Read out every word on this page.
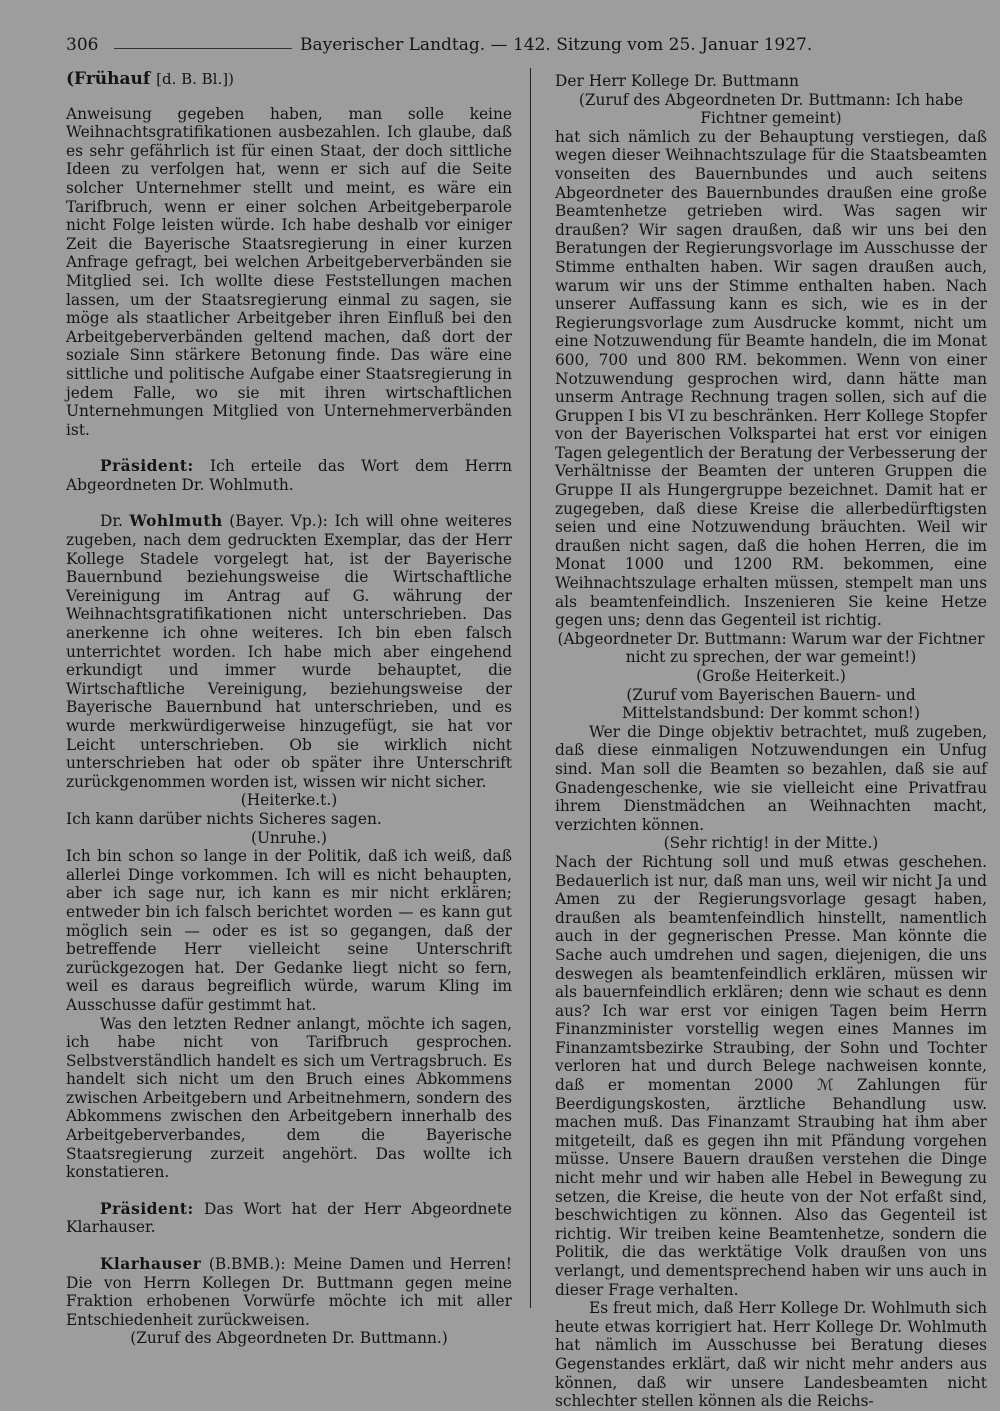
306	Bayerischer Landtag. — 142. Sitzung vom 25. Januar 1927.

(Frühauf [d. B. Bl.])

Anweisung gegeben haben, man solle keine Weihnachtsgratifikationen ausbezahlen. Ich glaube, daß es sehr gefährlich ist für einen Staat, der doch sittliche Ideen zu verfolgen hat, wenn er sich auf die Seite solcher Unternehmer stellt und meint, es wäre ein Tarifbruch, wenn er einer solchen Arbeitgeberparole nicht Folge leisten würde. Ich habe deshalb vor einiger Zeit die Bayerische Staatsregierung in einer kurzen Anfrage gefragt, bei welchen Arbeitgeberverbänden sie Mitglied sei. Ich wollte diese Feststellungen machen lassen, um der Staatsregierung einmal zu sagen, sie möge als staatlicher Arbeitgeber ihren Einfluß bei den Arbeitgeberverbänden geltend machen, daß dort der soziale Sinn stärkere Betonung finde. Das wäre eine sittliche und politische Aufgabe einer Staatsregierung in jedem Falle, wo sie mit ihren wirtschaftlichen Unternehmungen Mitglied von Unternehmerverbänden ist.

Präsident: Ich erteile das Wort dem Herrn Abgeordneten Dr. Wohlmuth.

Dr. Wohlmuth (Bayer. Vp.): Ich will ohne weiteres zugeben, nach dem gedruckten Exemplar, das der Herr Kollege Stadele vorgelegt hat, ist der Bayerische Bauernbund beziehungsweise die Wirtschaftliche Vereinigung im Antrag auf G. währung der Weihnachtsgratifikationen nicht unterschrieben. Das anerkenne ich ohne weiteres. Ich bin eben falsch unterrichtet worden. Ich habe mich aber eingehend erkundigt und immer wurde behauptet, die Wirtschaftliche Vereinigung, beziehungsweise der Bayerische Bauernbund hat unterschrieben, und es wurde merkwürdigerweise hinzugefügt, sie hat vor Leicht unterschrieben. Ob sie wirklich nicht unterschrieben hat oder ob später ihre Unterschrift zurückgenommen worden ist, wissen wir nicht sicher.

(Heiterke.t.)

Ich kann darüber nichts Sicheres sagen.

(Unruhe.)

Ich bin schon so lange in der Politik, daß ich weiß, daß allerlei Dinge vorkommen. Ich will es nicht behaupten, aber ich sage nur, ich kann es mir nicht erklären; entweder bin ich falsch berichtet worden — es kann gut möglich sein — oder es ist so gegangen, daß der betreffende Herr vielleicht seine Unterschrift zurückgezogen hat. Der Gedanke liegt nicht so fern, weil es daraus begreiflich würde, warum Kling im Ausschusse dafür gestimmt hat.

Was den letzten Redner anlangt, möchte ich sagen, ich habe nicht von Tarifbruch gesprochen. Selbstverständlich handelt es sich um Vertragsbruch. Es handelt sich nicht um den Bruch eines Abkommens zwischen Arbeitgebern und Arbeitnehmern, sondern des Abkommens zwischen den Arbeitgebern innerhalb des Arbeitgeberverbandes, dem die Bayerische Staatsregierung zurzeit angehört. Das wollte ich konstatieren.

Präsident: Das Wort hat der Herr Abgeordnete Klarhauser.

Klarhauser (B.BMB.): Meine Damen und Herren! Die von Herrn Kollegen Dr. Buttmann gegen meine Fraktion erhobenen Vorwürfe möchte ich mit aller Entschiedenheit zurückweisen.

(Zuruf des Abgeordneten Dr. Buttmann.)

Der Herr Kollege Dr. Buttmann

(Zuruf des Abgeordneten Dr. Buttmann: Ich habe Fichtner gemeint)

hat sich nämlich zu der Behauptung verstiegen, daß wegen dieser Weihnachtszulage für die Staatsbeamten vonseiten des Bauernbundes und auch seitens Abgeordneter des Bauernbundes draußen eine große Beamtenhetze getrieben wird. Was sagen wir draußen? Wir sagen draußen, daß wir uns bei den Beratungen der Regierungsvorlage im Ausschusse der Stimme enthalten haben. Wir sagen draußen auch, warum wir uns der Stimme enthalten haben. Nach unserer Auffassung kann es sich, wie es in der Regierungsvorlage zum Ausdrucke kommt, nicht um eine Notzuwendung für Beamte handeln, die im Monat 600, 700 und 800 RM. bekommen. Wenn von einer Notzuwendung gesprochen wird, dann hätte man unserm Antrage Rechnung tragen sollen, sich auf die Gruppen I bis VI zu beschränken. Herr Kollege Stopfer von der Bayerischen Volkspartei hat erst vor einigen Tagen gelegentlich der Beratung der Verbesserung der Verhältnisse der Beamten der unteren Gruppen die Gruppe II als Hungergruppe bezeichnet. Damit hat er zugegeben, daß diese Kreise die allerbedürftigsten seien und eine Notzuwendung bräuchten. Weil wir draußen nicht sagen, daß die hohen Herren, die im Monat 1000 und 1200 RM. bekommen, eine Weihnachtszulage erhalten müssen, stempelt man uns als beamtenfeindlich. Inszenieren Sie keine Hetze gegen uns; denn das Gegenteil ist richtig.

(Abgeordneter Dr. Buttmann: Warum war der Fichtner nicht zu sprechen, der war gemeint!)

(Große Heiterkeit.)

(Zuruf vom Bayerischen Bauern- und Mittelstandsbund: Der kommt schon!)

Wer die Dinge objektiv betrachtet, muß zugeben, daß diese einmaligen Notzuwendungen ein Unfug sind. Man soll die Beamten so bezahlen, daß sie auf Gnadengeschenke, wie sie vielleicht eine Privatfrau ihrem Dienstmädchen an Weihnachten macht, verzichten können.

(Sehr richtig! in der Mitte.)

Nach der Richtung soll und muß etwas geschehen. Bedauerlich ist nur, daß man uns, weil wir nicht Ja und Amen zu der Regierungsvorlage gesagt haben, draußen als beamtenfeindlich hinstellt, namentlich auch in der gegnerischen Presse. Man könnte die Sache auch umdrehen und sagen, diejenigen, die uns deswegen als beamtenfeindlich erklären, müssen wir als bauernfeindlich erklären; denn wie schaut es denn aus? Ich war erst vor einigen Tagen beim Herrn Finanzminister vorstellig wegen eines Mannes im Finanzamtsbezirke Straubing, der Sohn und Tochter verloren hat und durch Belege nachweisen konnte, daß er momentan 2000 ℳ Zahlungen für Beerdigungskosten, ärztliche Behandlung usw. machen muß. Das Finanzamt Straubing hat ihm aber mitgeteilt, daß es gegen ihn mit Pfändung vorgehen müsse. Unsere Bauern draußen verstehen die Dinge nicht mehr und wir haben alle Hebel in Bewegung zu setzen, die Kreise, die heute von der Not erfaßt sind, beschwichtigen zu können. Also das Gegenteil ist richtig. Wir treiben keine Beamtenhetze, sondern die Politik, die das werktätige Volk draußen von uns verlangt, und dementsprechend haben wir uns auch in dieser Frage verhalten.

Es freut mich, daß Herr Kollege Dr. Wohlmuth sich heute etwas korrigiert hat. Herr Kollege Dr. Wohlmuth hat nämlich im Ausschusse bei Beratung dieses Gegenstandes erklärt, daß wir nicht mehr anders aus können, daß wir unsere Landesbeamten nicht schlechter stellen können als die Reichs-
